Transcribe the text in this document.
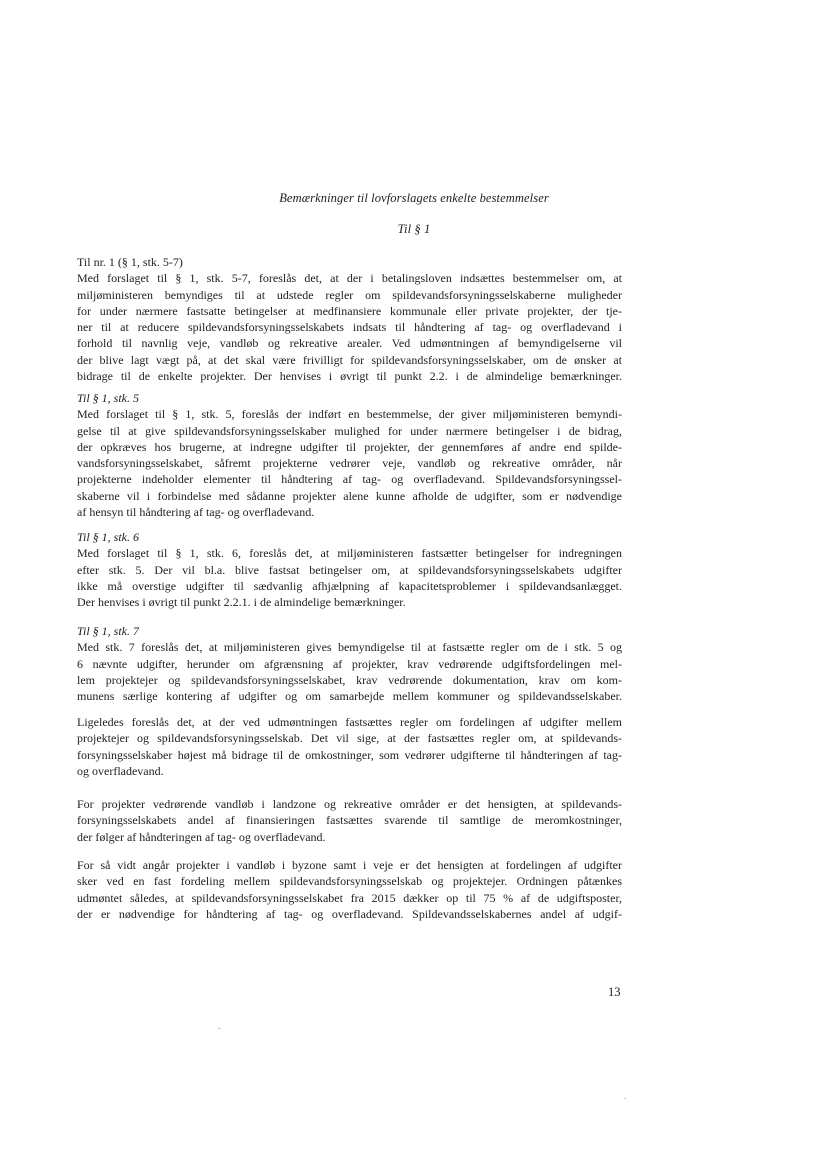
Bemærkninger til lovforslagets enkelte bestemmelser
Til § 1
Til nr. 1 (§ 1, stk. 5-7)
Med forslaget til § 1, stk. 5-7, foreslås det, at der i betalingsloven indsættes bestemmelser om, at
miljøministeren bemyndiges til at udstede regler om spildevandsforsyningsselskaberne muligheder
for under nærmere fastsatte betingelser at medfinansiere kommunale eller private projekter, der tje-
ner til at reducere spildevandsforsyningsselskabets indsats til håndtering af tag- og overfladevand i
forhold til navnlig veje, vandløb og rekreative arealer. Ved udmøntningen af bemyndigelserne vil
der blive lagt vægt på, at det skal være frivilligt for spildevandsforsyningsselskaber, om de ønsker at
bidrage til de enkelte projekter. Der henvises i øvrigt til punkt 2.2. i de almindelige bemærkninger.
Til § 1, stk. 5
Med forslaget til § 1, stk. 5, foreslås der indført en bestemmelse, der giver miljøministeren bemyndi-
gelse til at give spildevandsforsyningsselskaber mulighed for under nærmere betingelser i de bidrag,
der opkræves hos brugerne, at indregne udgifter til projekter, der gennemføres af andre end spilde-
vandsforsyningsselskabet, såfremt projekterne vedrører veje, vandløb og rekreative områder, når
projekterne indeholder elementer til håndtering af tag- og overfladevand. Spildevandsforsyningssel-
skaberne vil i forbindelse med sådanne projekter alene kunne afholde de udgifter, som er nødvendige
af hensyn til håndtering af tag- og overfladevand.
Til § 1, stk. 6
Med forslaget til § 1, stk. 6, foreslås det, at miljøministeren fastsætter betingelser for indregningen
efter stk. 5. Der vil bl.a. blive fastsat betingelser om, at spildevandsforsyningsselskabets udgifter
ikke må overstige udgifter til sædvanlig afhjælpning af kapacitetsproblemer i spildevandsanlægget.
Der henvises i øvrigt til punkt 2.2.1. i de almindelige bemærkninger.
Til § 1, stk. 7
Med stk. 7 foreslås det, at miljøministeren gives bemyndigelse til at fastsætte regler om de i stk. 5 og
6 nævnte udgifter, herunder om afgrænsning af projekter, krav vedrørende udgiftsfordelingen mel-
lem projektejer og spildevandsforsyningsselskabet, krav vedrørende dokumentation, krav om kom-
munens særlige kontering af udgifter og om samarbejde mellem kommuner og spildevandsselskaber.
Ligeledes foreslås det, at der ved udmøntningen fastsættes regler om fordelingen af udgifter mellem
projektejer og spildevandsforsyningsselskab. Det vil sige, at der fastsættes regler om, at spildevands-
forsyningsselskaber højest må bidrage til de omkostninger, som vedrører udgifterne til håndteringen af tag-
og overfladevand.
For projekter vedrørende vandløb i landzone og rekreative områder er det hensigten, at spildevands-
forsyningsselskabets andel af finansieringen fastsættes svarende til samtlige de meromkostninger,
der følger af håndteringen af tag- og overfladevand.
For så vidt angår projekter i vandløb i byzone samt i veje er det hensigten at fordelingen af udgifter
sker ved en fast fordeling mellem spildevandsforsyningsselskab og projektejer. Ordningen påtænkes
udmøntet således, at spildevandsforsyningsselskabet fra 2015 dækker op til 75 % af de udgiftsposter,
der er nødvendige for håndtering af tag- og overfladevand. Spildevandsselskabernes andel af udgif-
13
